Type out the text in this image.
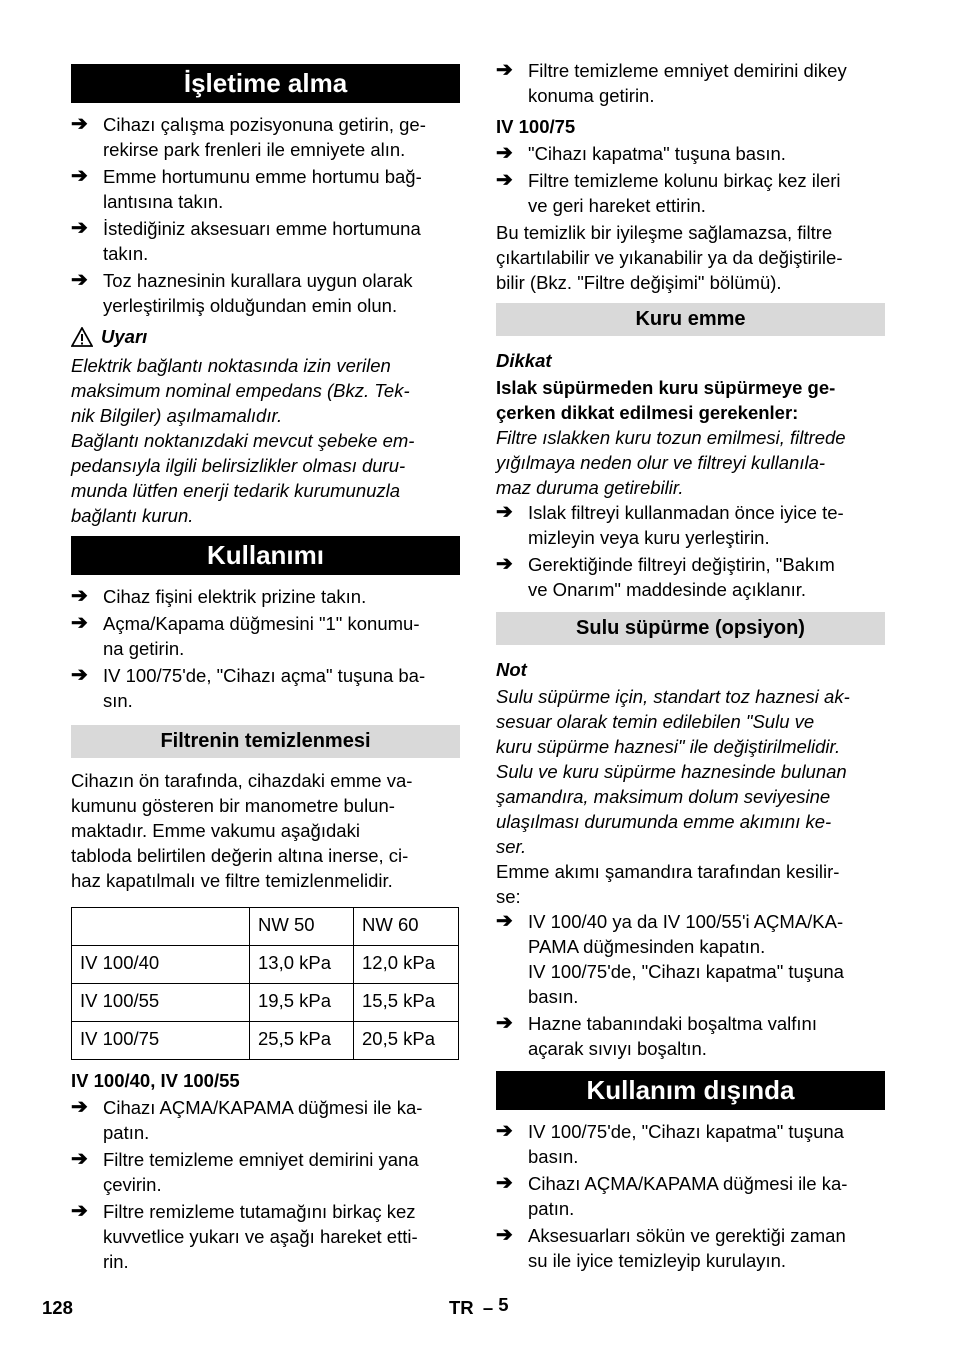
İşletime alma
➔ Cihazı çalışma pozisyonuna getirin, ge-
rekirse park frenleri ile emniyete alın.
➔ Emme hortumunu emme hortumu bağ-
lantısına takın.
➔ İstediğiniz aksesuarı emme hortumuna
takın.
➔ Toz haznesinin kurallara uygun olarak
yerleştirilmiş olduğundan emin olun.
Uyarı
Elektrik bağlantı noktasında izin verilen
maksimum nominal empedans (Bkz. Tek-
nik Bilgiler) aşılmamalıdır.
Bağlantı noktanızdaki mevcut şebeke em-
pedansıyla ilgili belirsizlikler olması duru-
munda lütfen enerji tedarik kurumunuzla
bağlantı kurun.
Kullanımı
➔ Cihaz fişini elektrik prizine takın.
➔ Açma/Kapama düğmesini "1" konumu-
na getirin.
➔ IV 100/75'de, "Cihazı açma" tuşuna ba-
sın.
Filtrenin temizlenmesi
Cihazın ön tarafında, cihazdaki emme va-
kumunu gösteren bir manometre bulun-
maktadır. Emme vakumu aşağıdaki
tabloda belirtilen değerin altına inerse, ci-
haz kapatılmalı ve filtre temizlenmelidir.
	NW 50	NW 60
IV 100/40	13,0 kPa	12,0 kPa
IV 100/55	19,5 kPa	15,5 kPa
IV 100/75	25,5 kPa	20,5 kPa
IV 100/40, IV 100/55
➔ Cihazı AÇMA/KAPAMA düğmesi ile ka-
patın.
➔ Filtre temizleme emniyet demirini yana
çevirin.
➔ Filtre remizleme tutamağını birkaç kez
kuvvetlice yukarı ve aşağı hareket etti-
rin.
➔ Filtre temizleme emniyet demirini dikey
konuma getirin.
IV 100/75
➔ "Cihazı kapatma" tuşuna basın.
➔ Filtre temizleme kolunu birkaç kez ileri
ve geri hareket ettirin.
Bu temizlik bir iyileşme sağlamazsa, filtre
çıkartılabilir ve yıkanabilir ya da değiştirile-
bilir (Bkz. "Filtre değişimi" bölümü).
Kuru emme
Dikkat
Islak süpürmeden kuru süpürmeye ge-
çerken dikkat edilmesi gerekenler:
Filtre ıslakken kuru tozun emilmesi, filtrede
yığılmaya neden olur ve filtreyi kullanıla-
maz duruma getirebilir.
➔ Islak filtreyi kullanmadan önce iyice te-
mizleyin veya kuru yerleştirin.
➔ Gerektiğinde filtreyi değiştirin, "Bakım
ve Onarım" maddesinde açıklanır.
Sulu süpürme (opsiyon)
Not
Sulu süpürme için, standart toz haznesi ak-
sesuar olarak temin edilebilen "Sulu ve
kuru süpürme haznesi" ile değiştirilmelidir.
Sulu ve kuru süpürme haznesinde bulunan
şamandıra, maksimum dolum seviyesine
ulaşılması durumunda emme akımını ke-
ser.
Emme akımı şamandıra tarafından kesilir-
se:
➔ IV 100/40 ya da IV 100/55'i AÇMA/KA-
PAMA düğmesinden kapatın.
IV 100/75'de, "Cihazı kapatma" tuşuna
basın.
➔ Hazne tabanındaki boşaltma valfını
açarak sıvıyı boşaltın.
Kullanım dışında
➔ IV 100/75'de, "Cihazı kapatma" tuşuna
basın.
➔ Cihazı AÇMA/KAPAMA düğmesi ile ka-
patın.
➔ Aksesuarları sökün ve gerektiği zaman
su ile iyice temizleyip kurulayın.
128	TR – 5
